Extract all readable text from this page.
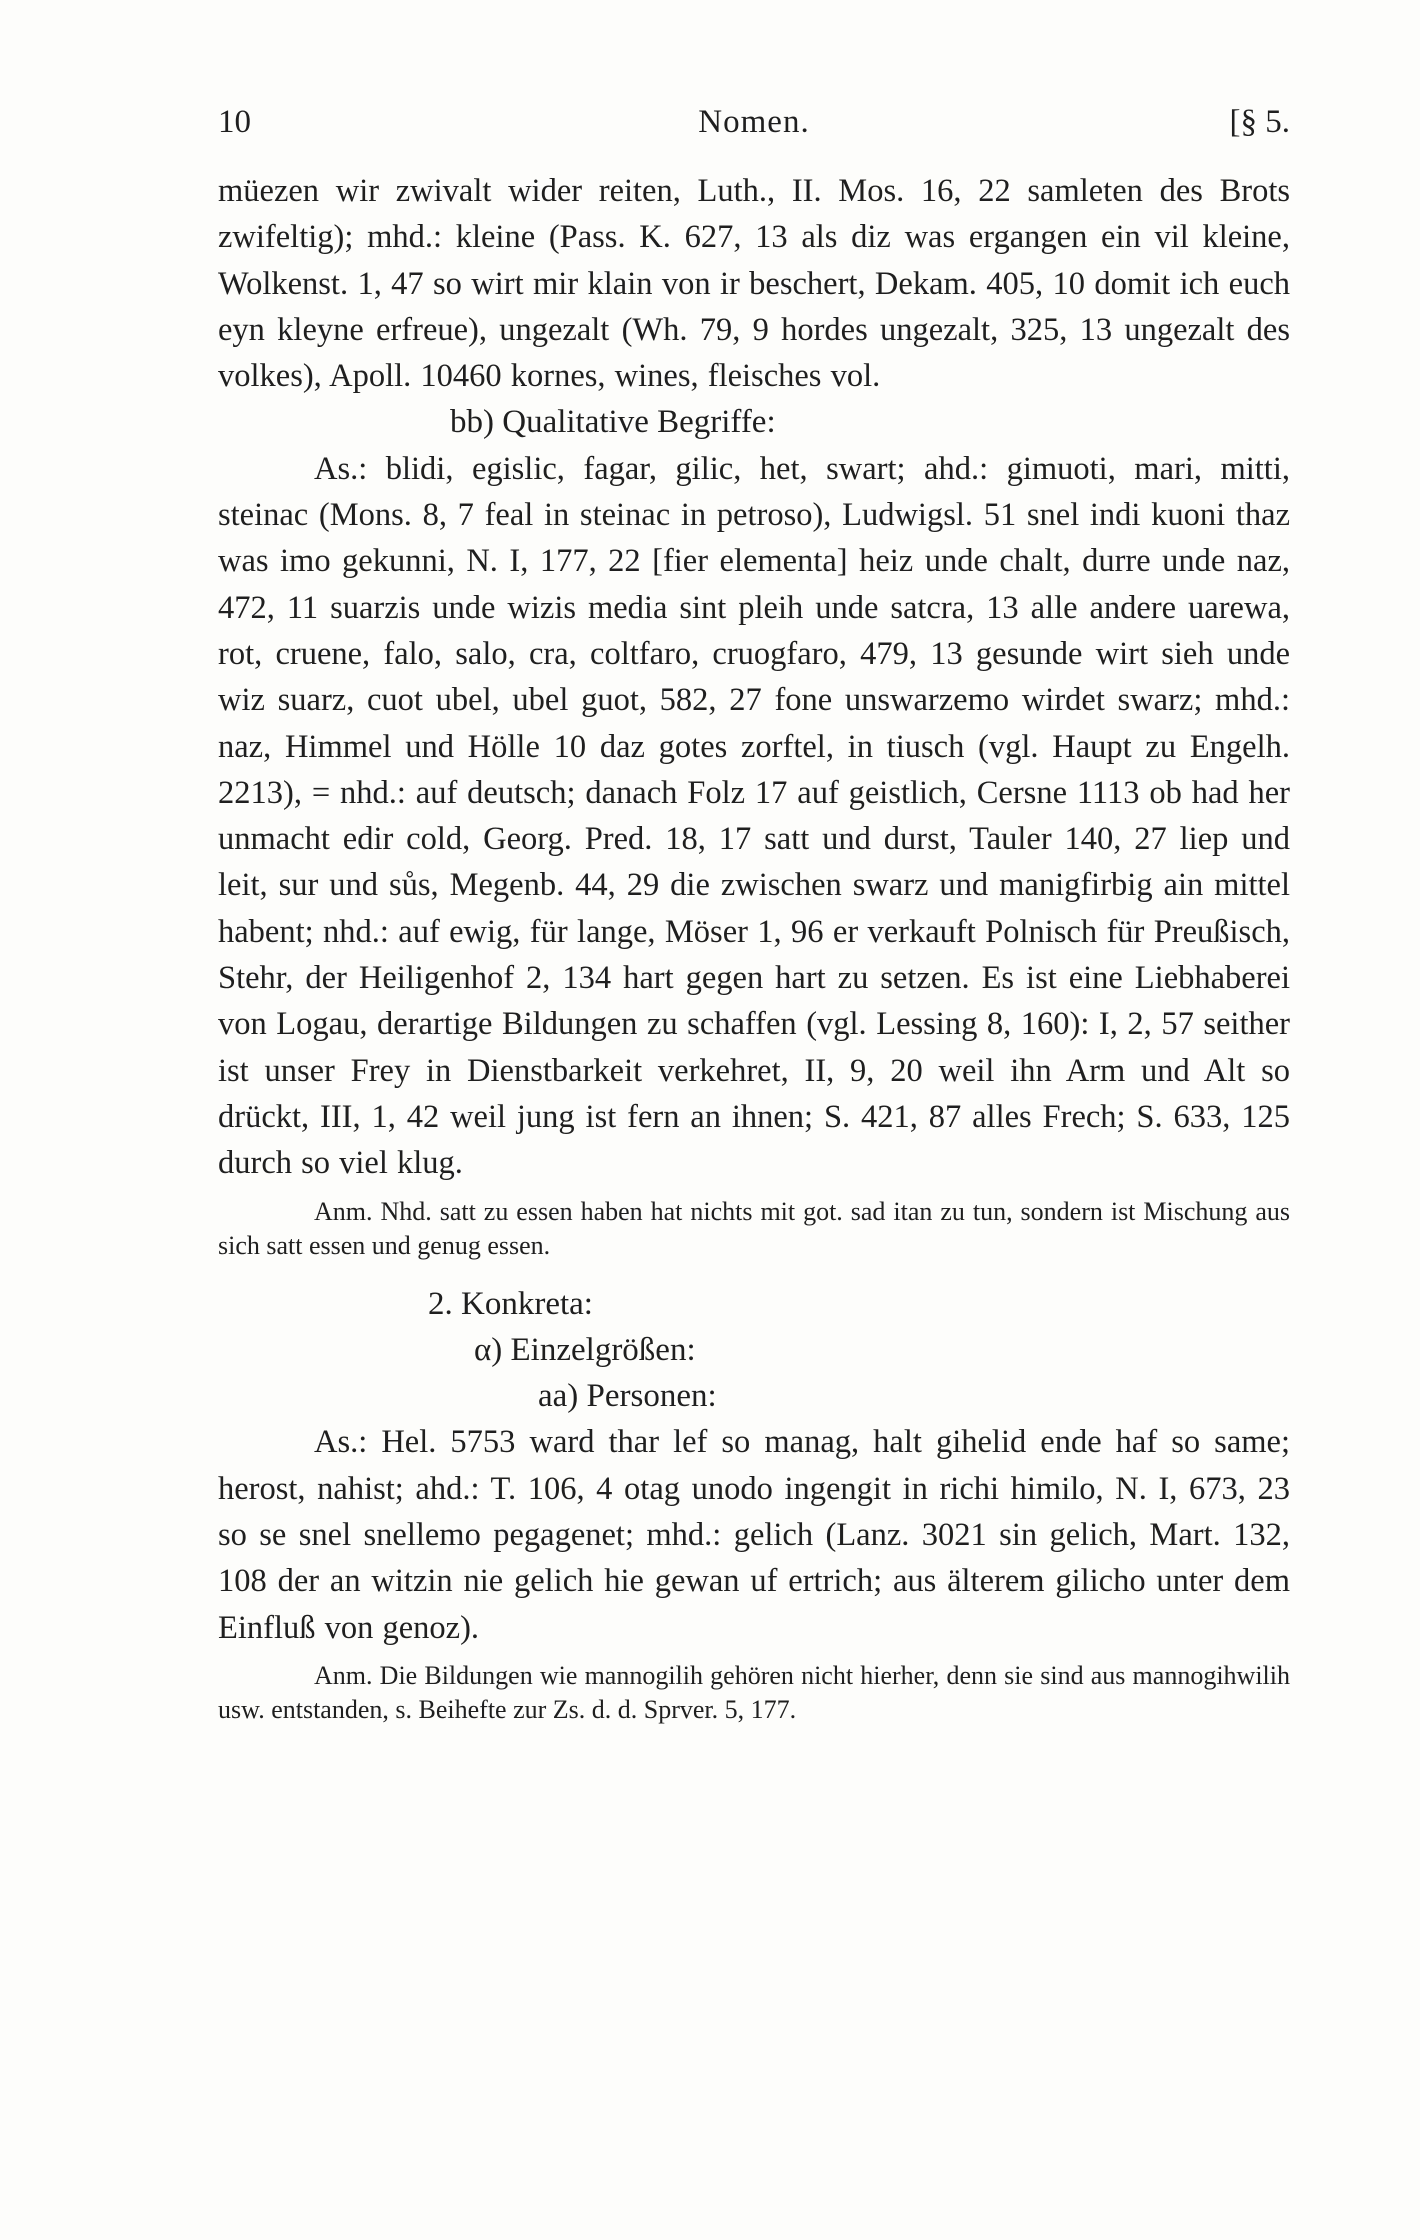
10	Nomen.	[§ 5.

müezen wir zwivalt wider reiten, Luth., II. Mos. 16, 22 samleten des Brots zwifeltig); mhd.: kleine (Pass. K. 627, 13 als diz was ergangen ein vil kleine, Wolkenst. 1, 47 so wirt mir klain von ir beschert, Dekam. 405, 10 domit ich euch eyn kleyne erfreue), ungezalt (Wh. 79, 9 hordes ungezalt, 325, 13 ungezalt des volkes), Apoll. 10460 kornes, wines, fleisches vol.

bb) Qualitative Begriffe:

As.: blidi, egislic, fagar, gilic, het, swart; ahd.: gimuoti, mari, mitti, steinac (Mons. 8, 7 feal in steinac in petroso), Ludwigsl. 51 snel indi kuoni thaz was imo gekunni, N. I, 177, 22 [fier elementa] heiz unde chalt, durre unde naz, 472, 11 suarzis unde wizis media sint pleih unde satcra, 13 alle andere uarewa, rot, cruene, falo, salo, cra, coltfaro, cruogfaro, 479, 13 gesunde wirt sieh unde wiz suarz, cuot ubel, ubel guot, 582, 27 fone unswarzemo wirdet swarz; mhd.: naz, Himmel und Hölle 10 daz gotes zorftel, in tiusch (vgl. Haupt zu Engelh. 2213), = nhd.: auf deutsch; danach Folz 17 auf geistlich, Cersne 1113 ob had her unmacht edir cold, Georg. Pred. 18, 17 satt und durst, Tauler 140, 27 liep und leit, sur und sůs, Megenb. 44, 29 die zwischen swarz und manigfirbig ain mittel habent; nhd.: auf ewig, für lange, Möser 1, 96 er verkauft Polnisch für Preußisch, Stehr, der Heiligenhof 2, 134 hart gegen hart zu setzen. Es ist eine Liebhaberei von Logau, derartige Bildungen zu schaffen (vgl. Lessing 8, 160): I, 2, 57 seither ist unser Frey in Dienstbarkeit verkehret, II, 9, 20 weil ihn Arm und Alt so drückt, III, 1, 42 weil jung ist fern an ihnen; S. 421, 87 alles Frech; S. 633, 125 durch so viel klug.

Anm. Nhd. satt zu essen haben hat nichts mit got. sad itan zu tun, sondern ist Mischung aus sich satt essen und genug essen.

2. Konkreta:

α) Einzelgrößen:

aa) Personen:

As.: Hel. 5753 ward thar lef so manag, halt gihelid ende haf so same; herost, nahist; ahd.: T. 106, 4 otag unodo ingengit in richi himilo, N. I, 673, 23 so se snel snellemo pegagenet; mhd.: gelich (Lanz. 3021 sin gelich, Mart. 132, 108 der an witzin nie gelich hie gewan uf ertrich; aus älterem gilicho unter dem Einfluß von genoz).

Anm. Die Bildungen wie mannogilih gehören nicht hierher, denn sie sind aus mannogihwilih usw. entstanden, s. Beihefte zur Zs. d. d. Sprver. 5, 177.
